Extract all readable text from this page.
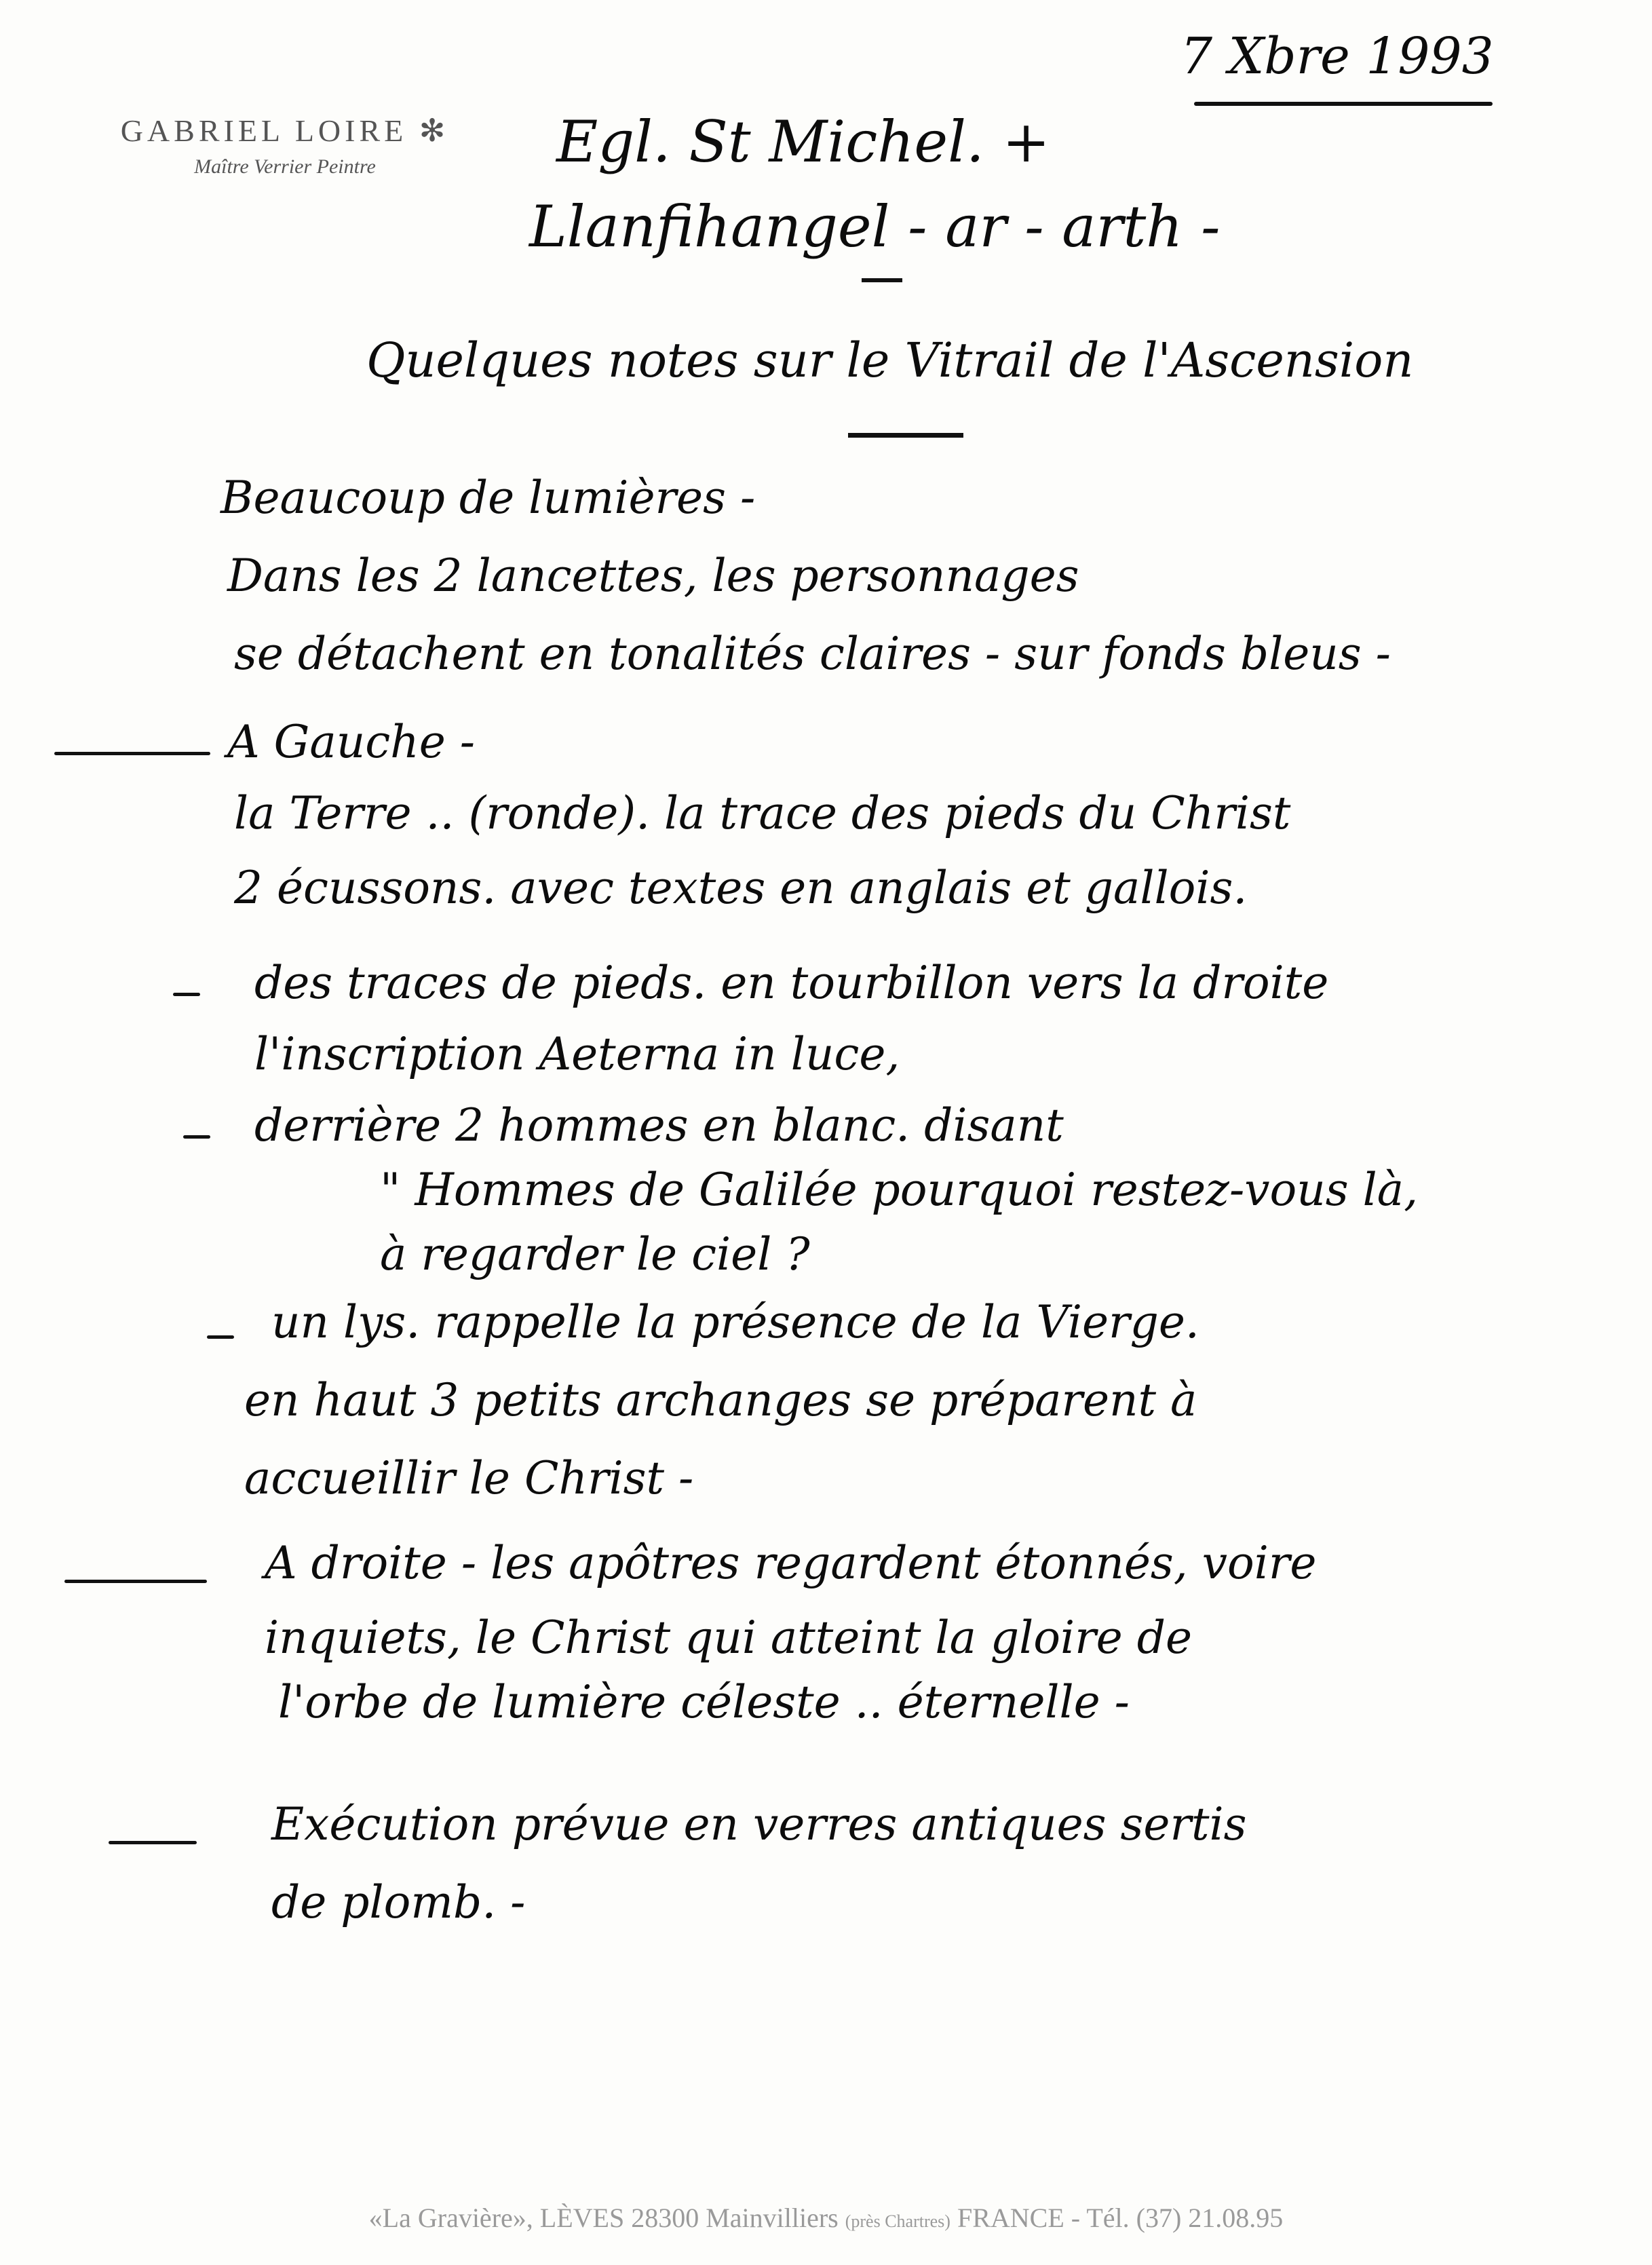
GABRIEL LOIRE ✻
Maître Verrier Peintre
7 Xbre 1993
Egl. St Michel. +
Llanfihangel - ar - arth -
Quelques notes sur le Vitrail de l'Ascension
Beaucoup de lumières -
Dans les 2 lancettes, les personnages
se détachent en tonalités claires - sur fonds bleus -
A Gauche -
la Terre .. (ronde). la trace des pieds du Christ
2 écussons. avec textes en anglais et gallois.
des traces de pieds. en tourbillon vers la droite
l'inscription Aeterna in luce,
derrière 2 hommes en blanc. disant
" Hommes de Galilée pourquoi restez-vous là,
à regarder le ciel ?
un lys. rappelle la présence de la Vierge.
en haut 3 petits archanges se préparent à
accueillir le Christ -
A droite - les apôtres regardent étonnés, voire
inquiets, le Christ qui atteint la gloire de
l'orbe de lumière céleste .. éternelle -
Exécution prévue en verres antiques sertis
de plomb. -
«La Gravière», LÈVES 28300 Mainvilliers (près Chartres) FRANCE - Tél. (37) 21.08.95
